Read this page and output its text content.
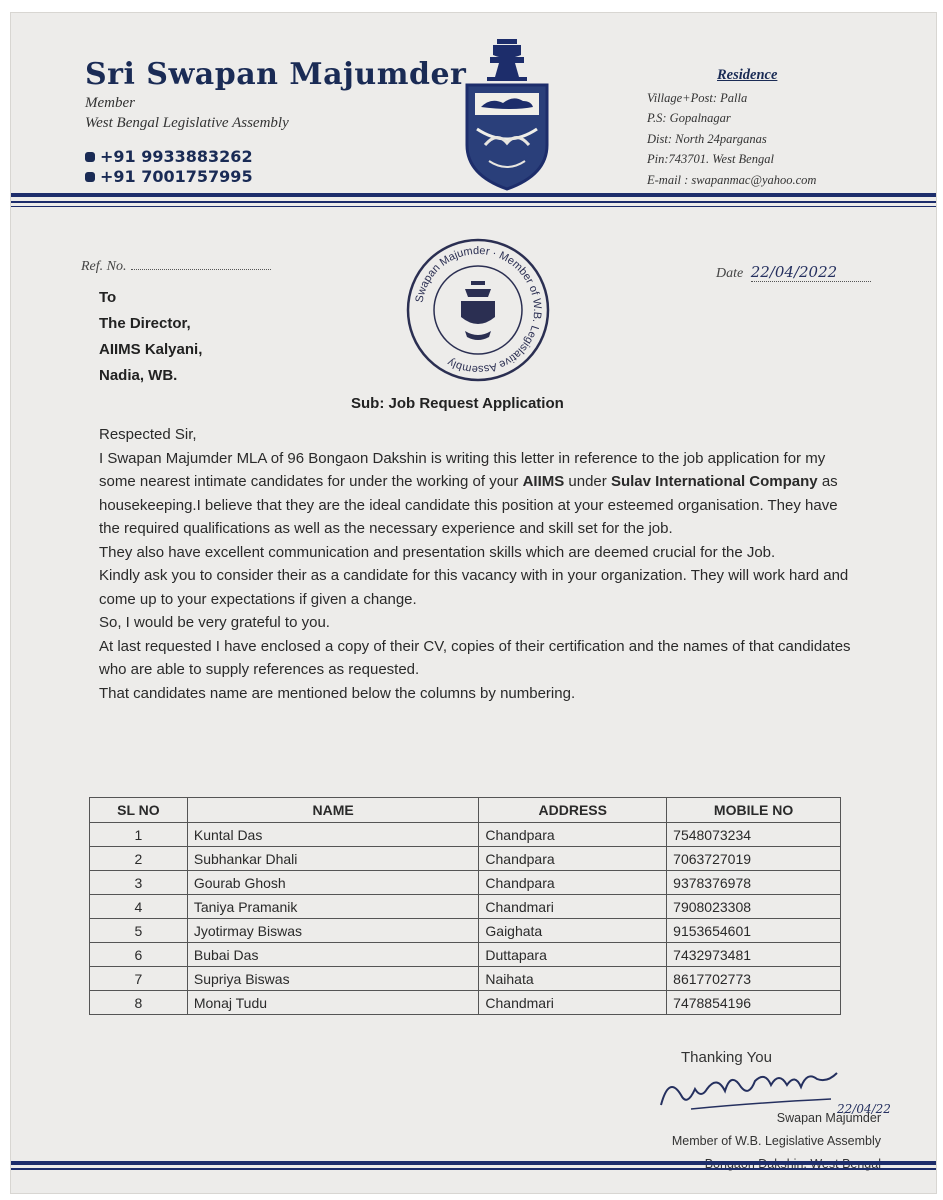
Sri Swapan Majumder
Member
West Bengal Legislative Assembly
+91 9933883262
+91 7001757995
Residence
Village+Post: Palla
P.S: Gopalnagar
Dist: North 24parganas
Pin:743701. West Bengal
E-mail : swapanmac@yahoo.com
Ref. No.	Date 22/04/2022
Swapan Majumder · Member of W.B. Legislative Assembly
To
The Director,
AIIMS Kalyani,
Nadia, WB.
Sub: Job Request Application

Respected Sir,

I Swapan Majumder MLA of 96 Bongaon Dakshin is writing this letter in reference to the job application for my some nearest intimate candidates for under the working of your AIIMS under Sulav International Company as housekeeping.I believe that they are the ideal candidate this position at your esteemed organisation. They have the required qualifications as well as the necessary experience and skill set for the job.

They also have excellent communication and presentation skills which are deemed crucial for the Job.

Kindly ask you to consider their as a candidate for this vacancy with in your organization. They will work hard and come up to your expectations if given a change.

So, I would be very grateful to you.

At last requested I have enclosed a copy of their CV, copies of their certification and the names of that candidates who are able to supply references as requested.

That candidates name are mentioned below the columns by numbering.

SL NO	NAME	ADDRESS	MOBILE NO
1	Kuntal Das	Chandpara	7548073234
2	Subhankar Dhali	Chandpara	7063727019
3	Gourab Ghosh	Chandpara	9378376978
4	Taniya Pramanik	Chandmari	7908023308
5	Jyotirmay Biswas	Gaighata	9153654601
6	Bubai Das	Duttapara	7432973481
7	Supriya Biswas	Naihata	8617702773
8	Monaj Tudu	Chandmari	7478854196
Thanking You
22/04/22
Swapan Majumder
Member of W.B. Legislative Assembly
